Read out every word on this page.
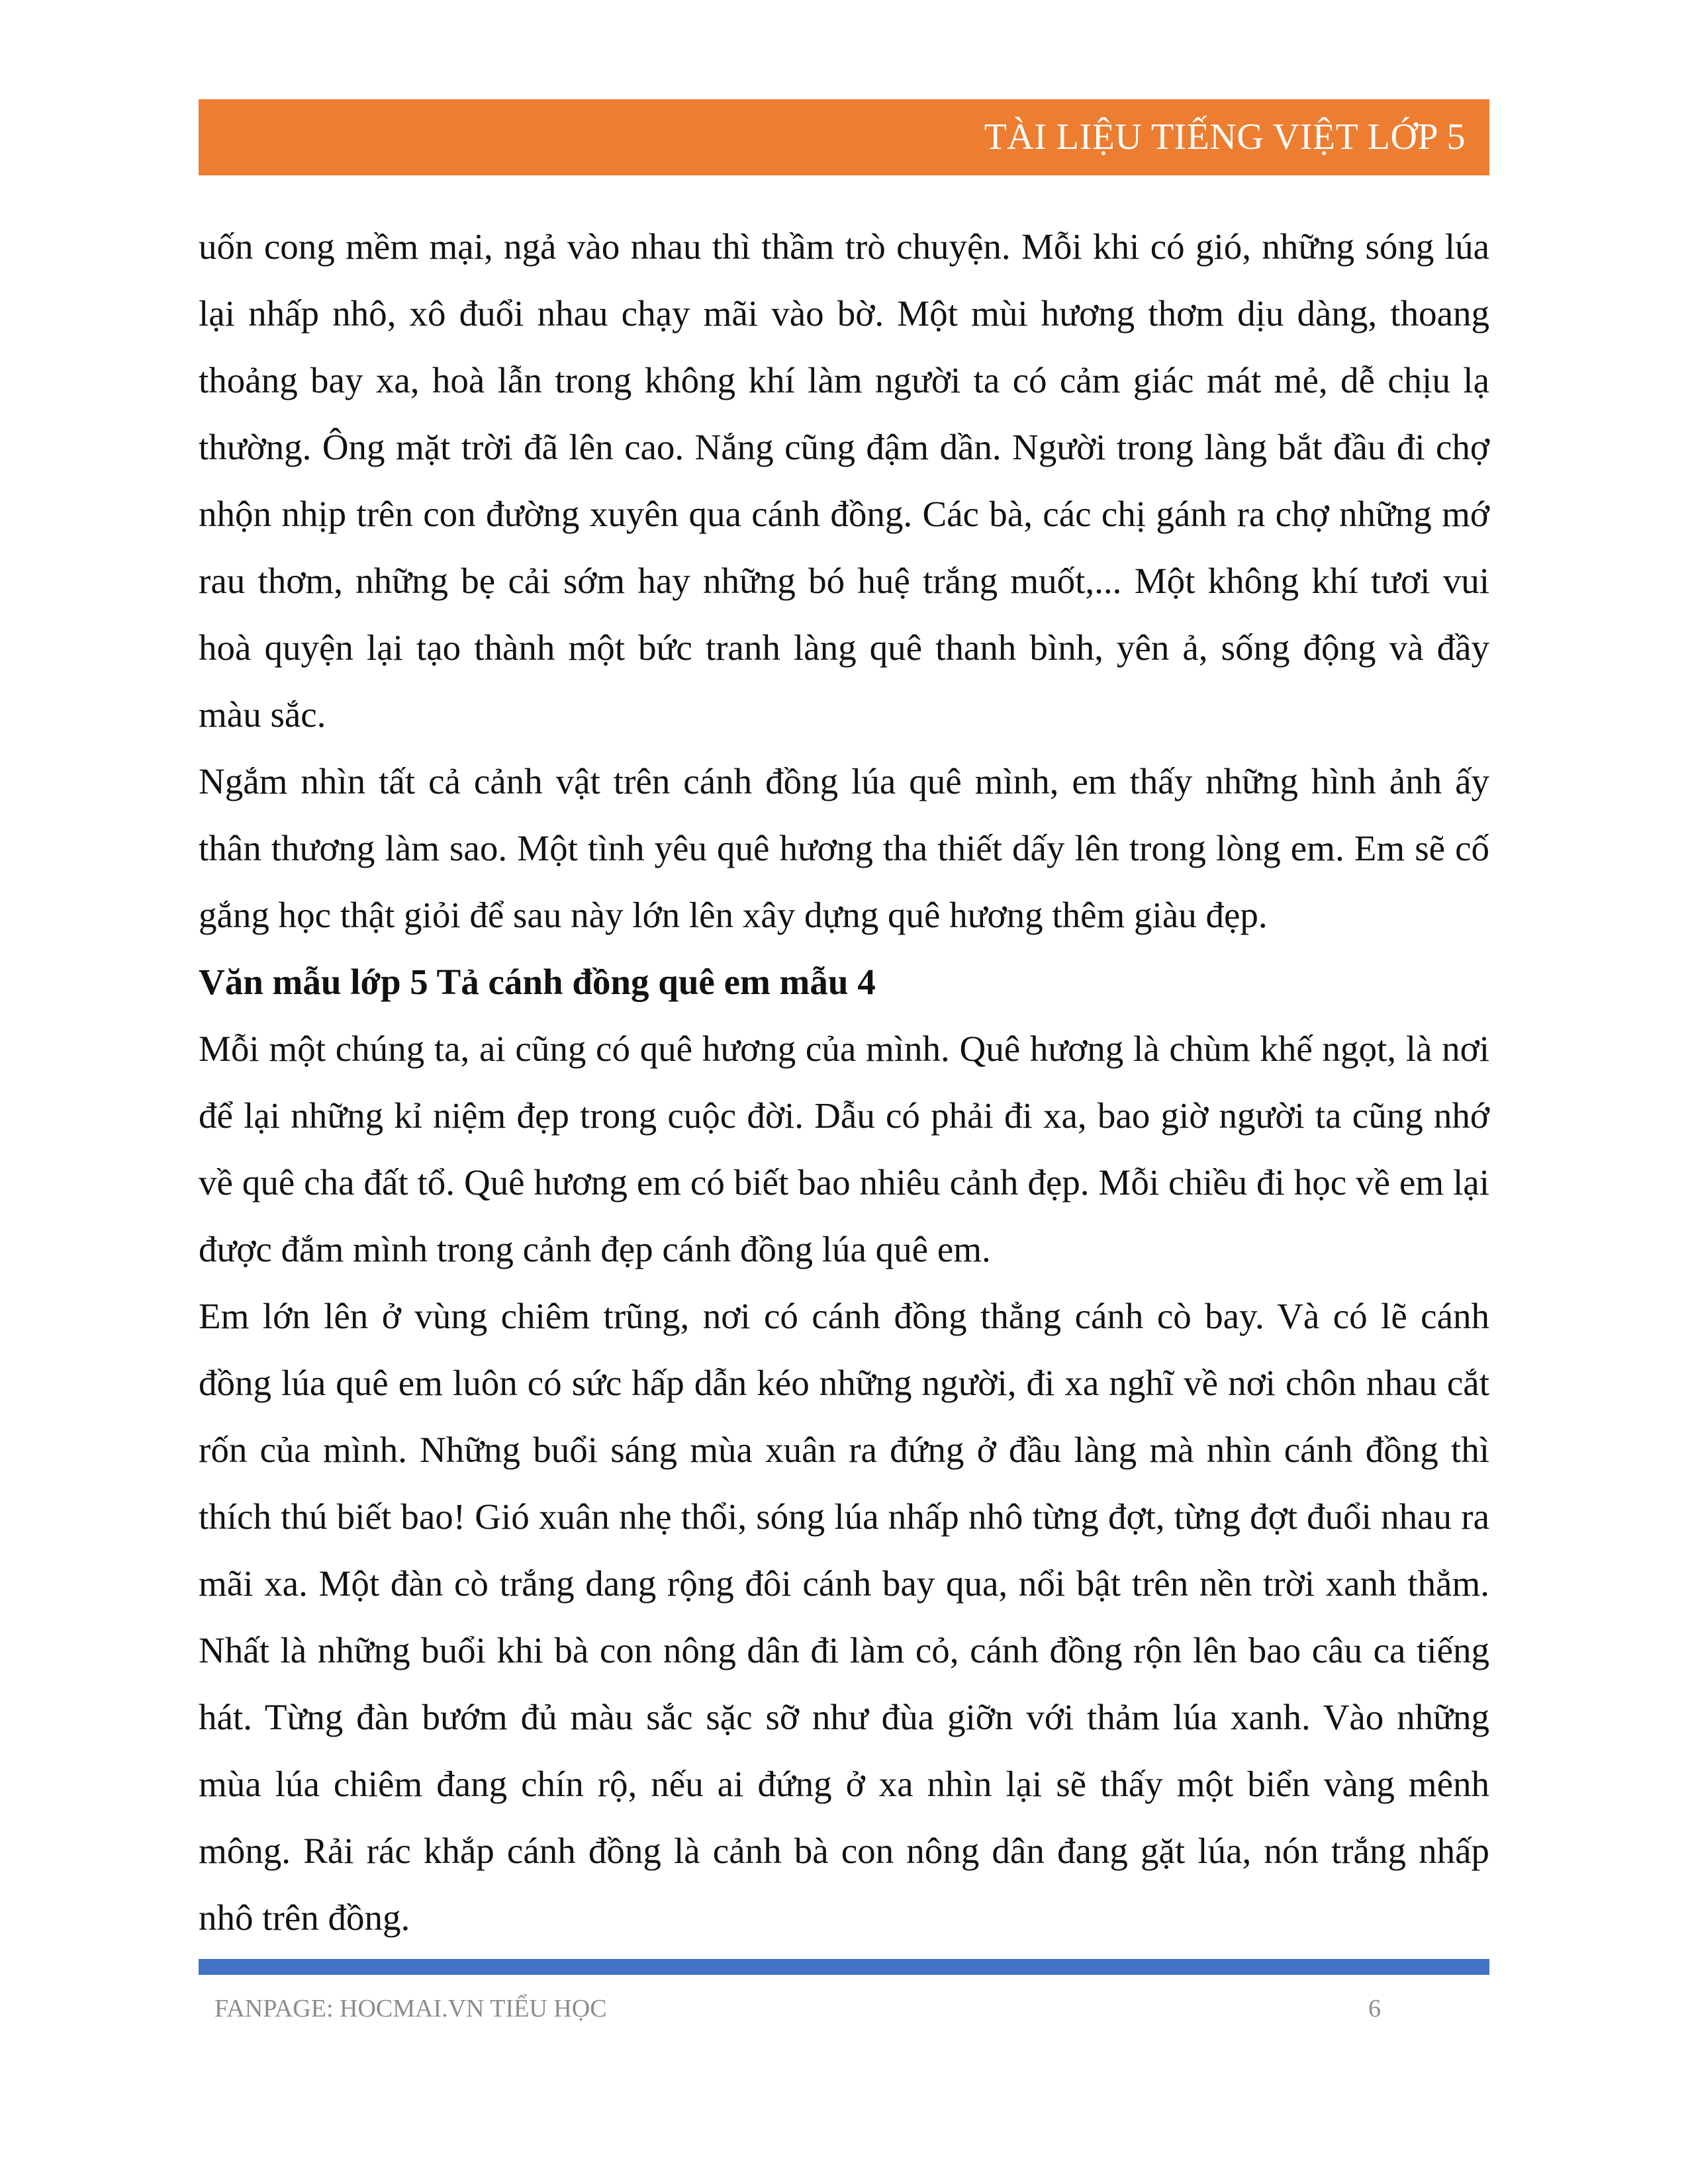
TÀI LIỆU TIẾNG VIỆT LỚP 5

uốn cong mềm mại, ngả vào nhau thì thầm trò chuyện. Mỗi khi có gió, những sóng lúa lại nhấp nhô, xô đuổi nhau chạy mãi vào bờ. Một mùi hương thơm dịu dàng, thoang thoảng bay xa, hoà lẫn trong không khí làm người ta có cảm giác mát mẻ, dễ chịu lạ thường. Ông mặt trời đã lên cao. Nắng cũng đậm dần. Người trong làng bắt đầu đi chợ nhộn nhịp trên con đường xuyên qua cánh đồng. Các bà, các chị gánh ra chợ những mớ rau thơm, những bẹ cải sớm hay những bó huệ trắng muốt,... Một không khí tươi vui hoà quyện lại tạo thành một bức tranh làng quê thanh bình, yên ả, sống động và đầy màu sắc.

Ngắm nhìn tất cả cảnh vật trên cánh đồng lúa quê mình, em thấy những hình ảnh ấy thân thương làm sao. Một tình yêu quê hương tha thiết dấy lên trong lòng em. Em sẽ cố gắng học thật giỏi để sau này lớn lên xây dựng quê hương thêm giàu đẹp.

Văn mẫu lớp 5 Tả cánh đồng quê em mẫu 4

Mỗi một chúng ta, ai cũng có quê hương của mình. Quê hương là chùm khế ngọt, là nơi để lại những kỉ niệm đẹp trong cuộc đời. Dẫu có phải đi xa, bao giờ người ta cũng nhớ về quê cha đất tổ. Quê hương em có biết bao nhiêu cảnh đẹp. Mỗi chiều đi học về em lại được đắm mình trong cảnh đẹp cánh đồng lúa quê em.

Em lớn lên ở vùng chiêm trũng, nơi có cánh đồng thẳng cánh cò bay. Và có lẽ cánh đồng lúa quê em luôn có sức hấp dẫn kéo những người, đi xa nghĩ về nơi chôn nhau cắt rốn của mình. Những buổi sáng mùa xuân ra đứng ở đầu làng mà nhìn cánh đồng thì thích thú biết bao! Gió xuân nhẹ thổi, sóng lúa nhấp nhô từng đợt, từng đợt đuổi nhau ra mãi xa. Một đàn cò trắng dang rộng đôi cánh bay qua, nổi bật trên nền trời xanh thẳm. Nhất là những buổi khi bà con nông dân đi làm cỏ, cánh đồng rộn lên bao câu ca tiếng hát. Từng đàn bướm đủ màu sắc sặc sỡ như đùa giỡn với thảm lúa xanh. Vào những mùa lúa chiêm đang chín rộ, nếu ai đứng ở xa nhìn lại sẽ thấy một biển vàng mênh mông. Rải rác khắp cánh đồng là cảnh bà con nông dân đang gặt lúa, nón trắng nhấp nhô trên đồng.

FANPAGE: HOCMAI.VN TIỂU HỌC	6
